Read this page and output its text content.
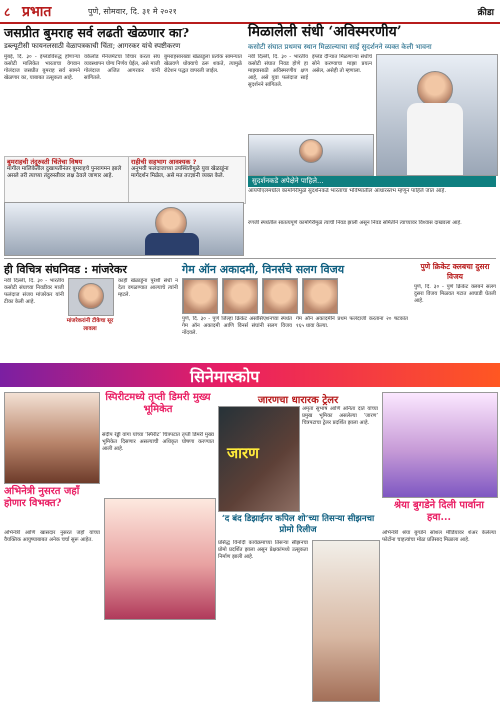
८ प्रभात	पुणे, सोमवार, दि. ३१ मे २०२१	क्रीडा
जसप्रीत बुमराह सर्व लढती खेळणार का?
डब्ल्यूटीसी फायनलसाठी वेळापत्रकाची चिंता; आगरकर यांचे स्पष्टीकरण

मुंबई, दि. ३० - इंग्लंडविरुद्ध होणाऱ्या कसोटी मालिकेत भारताचा वेगवान गोलंदाज जसप्रीत बुमराह सर्व सामने खेळणार का, याबाबत उत्सुकता आहे.

वर्कलोड मॅनेजमेंटचा विचार करता संघ व्यवस्थापन योग्य निर्णय घेईल, असे माजी गोलंदाज अजित आगरकर यांनी सांगितले.

बुमराहसारख्या खेळाडूला प्रत्येक सामन्यात खेळवणे धोक्याचे ठरू शकते, त्यामुळे रोटेशन पद्धत वापरली जाईल.

बुमराहची तंदुरुस्ती चिंतेचा विषय
मागील मालिकेतील दुखापतीनंतर बुमराहचे पुनरागमन झाले असले तरी त्याच्या तंदुरुस्तीवर लक्ष ठेवले जाणार आहे.
राहीची सहभाग आवश्यक ?
अनुभवी फलंदाजाच्या उपस्थितीमुळे युवा खेळाडूंना मार्गदर्शन मिळेल, असे मत तज्ज्ञांनी व्यक्त केले.
मिळालेली संधी ‘अविस्मरणीय’
कसोटी संघात प्रथमच स्थान मिळाल्याचा साई सुदर्शनने व्यक्त केली भावना

नवी दिल्ली, दि. ३० - भारतीय कसोटी संघात निवड होणे हा माझ्यासाठी अविस्मरणीय क्षण आहे, असे युवा फलंदाज साई सुदर्शनने सांगितले.

इंग्लंड दौऱ्यात मिळणाऱ्या संधीचे सोने करण्याचा माझा प्रयत्न असेल, असेही तो म्हणाला.

सुदर्शनकडे अपेक्षेने पाहिले...
आयपीएलमधील कामगिरीमुळे सुदर्शनकडे भारताचा भविष्यातील आधारस्तंभ म्हणून पाहिले जात आहे.

रणजी स्पर्धेतील सातत्यपूर्ण कामगिरीमुळे त्याची निवड झाली असून निवड समितीने त्याच्यावर विश्वास दाखवला आहे.

ही विचित्र संघनिवड : मांजरेकर

नवी दिल्ली, दि. ३० - भारतीय कसोटी संघाच्या निवडीवर माजी फलंदाज संजय मांजरेकर यांनी टीका केली आहे.

मांजरेकरांनी टीकेचा सूर लावला

काही खेळाडूंना पुरेशी संधी न देता वगळण्यात आल्याचे त्यांनी म्हटले.

गेम ऑन अकादमी, विनर्सचे सलग विजय

पुणे, दि. ३० - पुणे जिल्हा क्रिकेट असोसिएशनच्या स्पर्धेत गेम ऑन अकादमी आणि विनर्स संघांनी सलग विजय नोंदवले.

गेम ऑन अकादमीने प्रथम फलंदाजी करताना २० षटकांत १६५ धावा केल्या.

पुणे क्रिकेट क्लबचा दुसरा विजय
पुणे, दि. ३० - पुणे क्रिकेट क्लबने सलग दुसरा विजय मिळवत गटात आघाडी घेतली आहे.
सिनेमास्कोप
स्पिरीटमध्ये तृप्ती डिमरी मुख्य भूमिकेत
संदीप रेड्डी वांगा यांच्या ‘स्पिरीट’ चित्रपटात तृप्ती डिमरी मुख्य भूमिकेत दिसणार असल्याची अधिकृत घोषणा करण्यात आली आहे.
अभिनेत्री नुसरत जहाँ होणार विभक्त?
अभिनेत्री आणि खासदार नुसरत जहाँ यांच्या वैयक्तिक आयुष्याबाबत अनेक चर्चा सुरू आहेत.
जारणचा धारारक ट्रेलर
जारण
अमृता सुभाष आणि अनिता दाते यांच्या प्रमुख भूमिका असलेल्या ‘जारण’ चित्रपटाचा ट्रेलर प्रदर्शित झाला आहे.
‘द बंद डिझाईनर कपिल शो’च्या तिसऱ्या सीझनचा प्रोमो रिलीज
प्रसिद्ध विनोदी कार्यक्रमाच्या तिसऱ्या सीझनचा प्रोमो प्रदर्शित झाला असून प्रेक्षकांमध्ये उत्सुकता निर्माण झाली आहे.
श्रेया बुगडेने दिली पार्वाना हवा...
अभिनेत्री श्रेया बुगडेने सोशल मीडियावर शेअर केलेल्या फोटोंना चाहत्यांचा मोठा प्रतिसाद मिळाला आहे.
